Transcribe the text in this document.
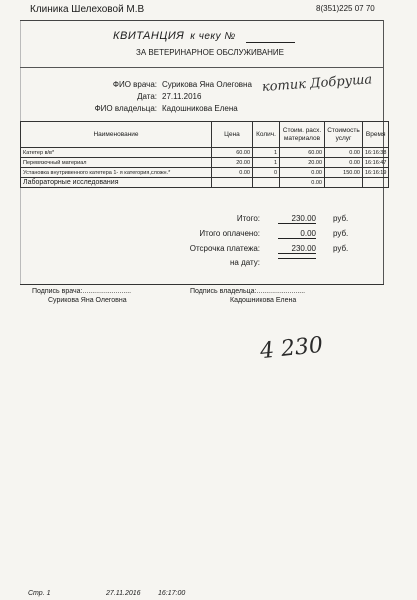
Клиника Шелеховой М.В	8(351)225 07 70
КВИТАНЦИЯ к чеку №
ЗА ВЕТЕРИНАРНОЕ ОБСЛУЖИВАНИЕ
ФИО врача: Сурикова Яна Олеговна
Дата: 27.11.2016
ФИО владельца: Кадошникова Елена
котик Добруша
Наименование	Цена	Колич.	Стоим. расх. материалов	Стоимость услуг	Время
Катетер в/в*	60.00	1	60.00	0.00	16:16:38
Перевязочный материал	20.00	1	20.00	0.00	16:16:47
Установка внутривенного катетера 1- я категория,сложн.*	0.00	0	0.00	150.00	16:16:19
Лабораторные исследования			0.00		
Итого:	230.00 руб.
Итого оплачено:	0.00 руб.
Отсрочка платежа:	230.00 руб.
на дату:
Подпись врача:.........................
Сурикова Яна Олеговна
Подпись владельца:.........................
Кадошникова Елена
4 230
Стр. 1	27.11.2016 16:17:00
